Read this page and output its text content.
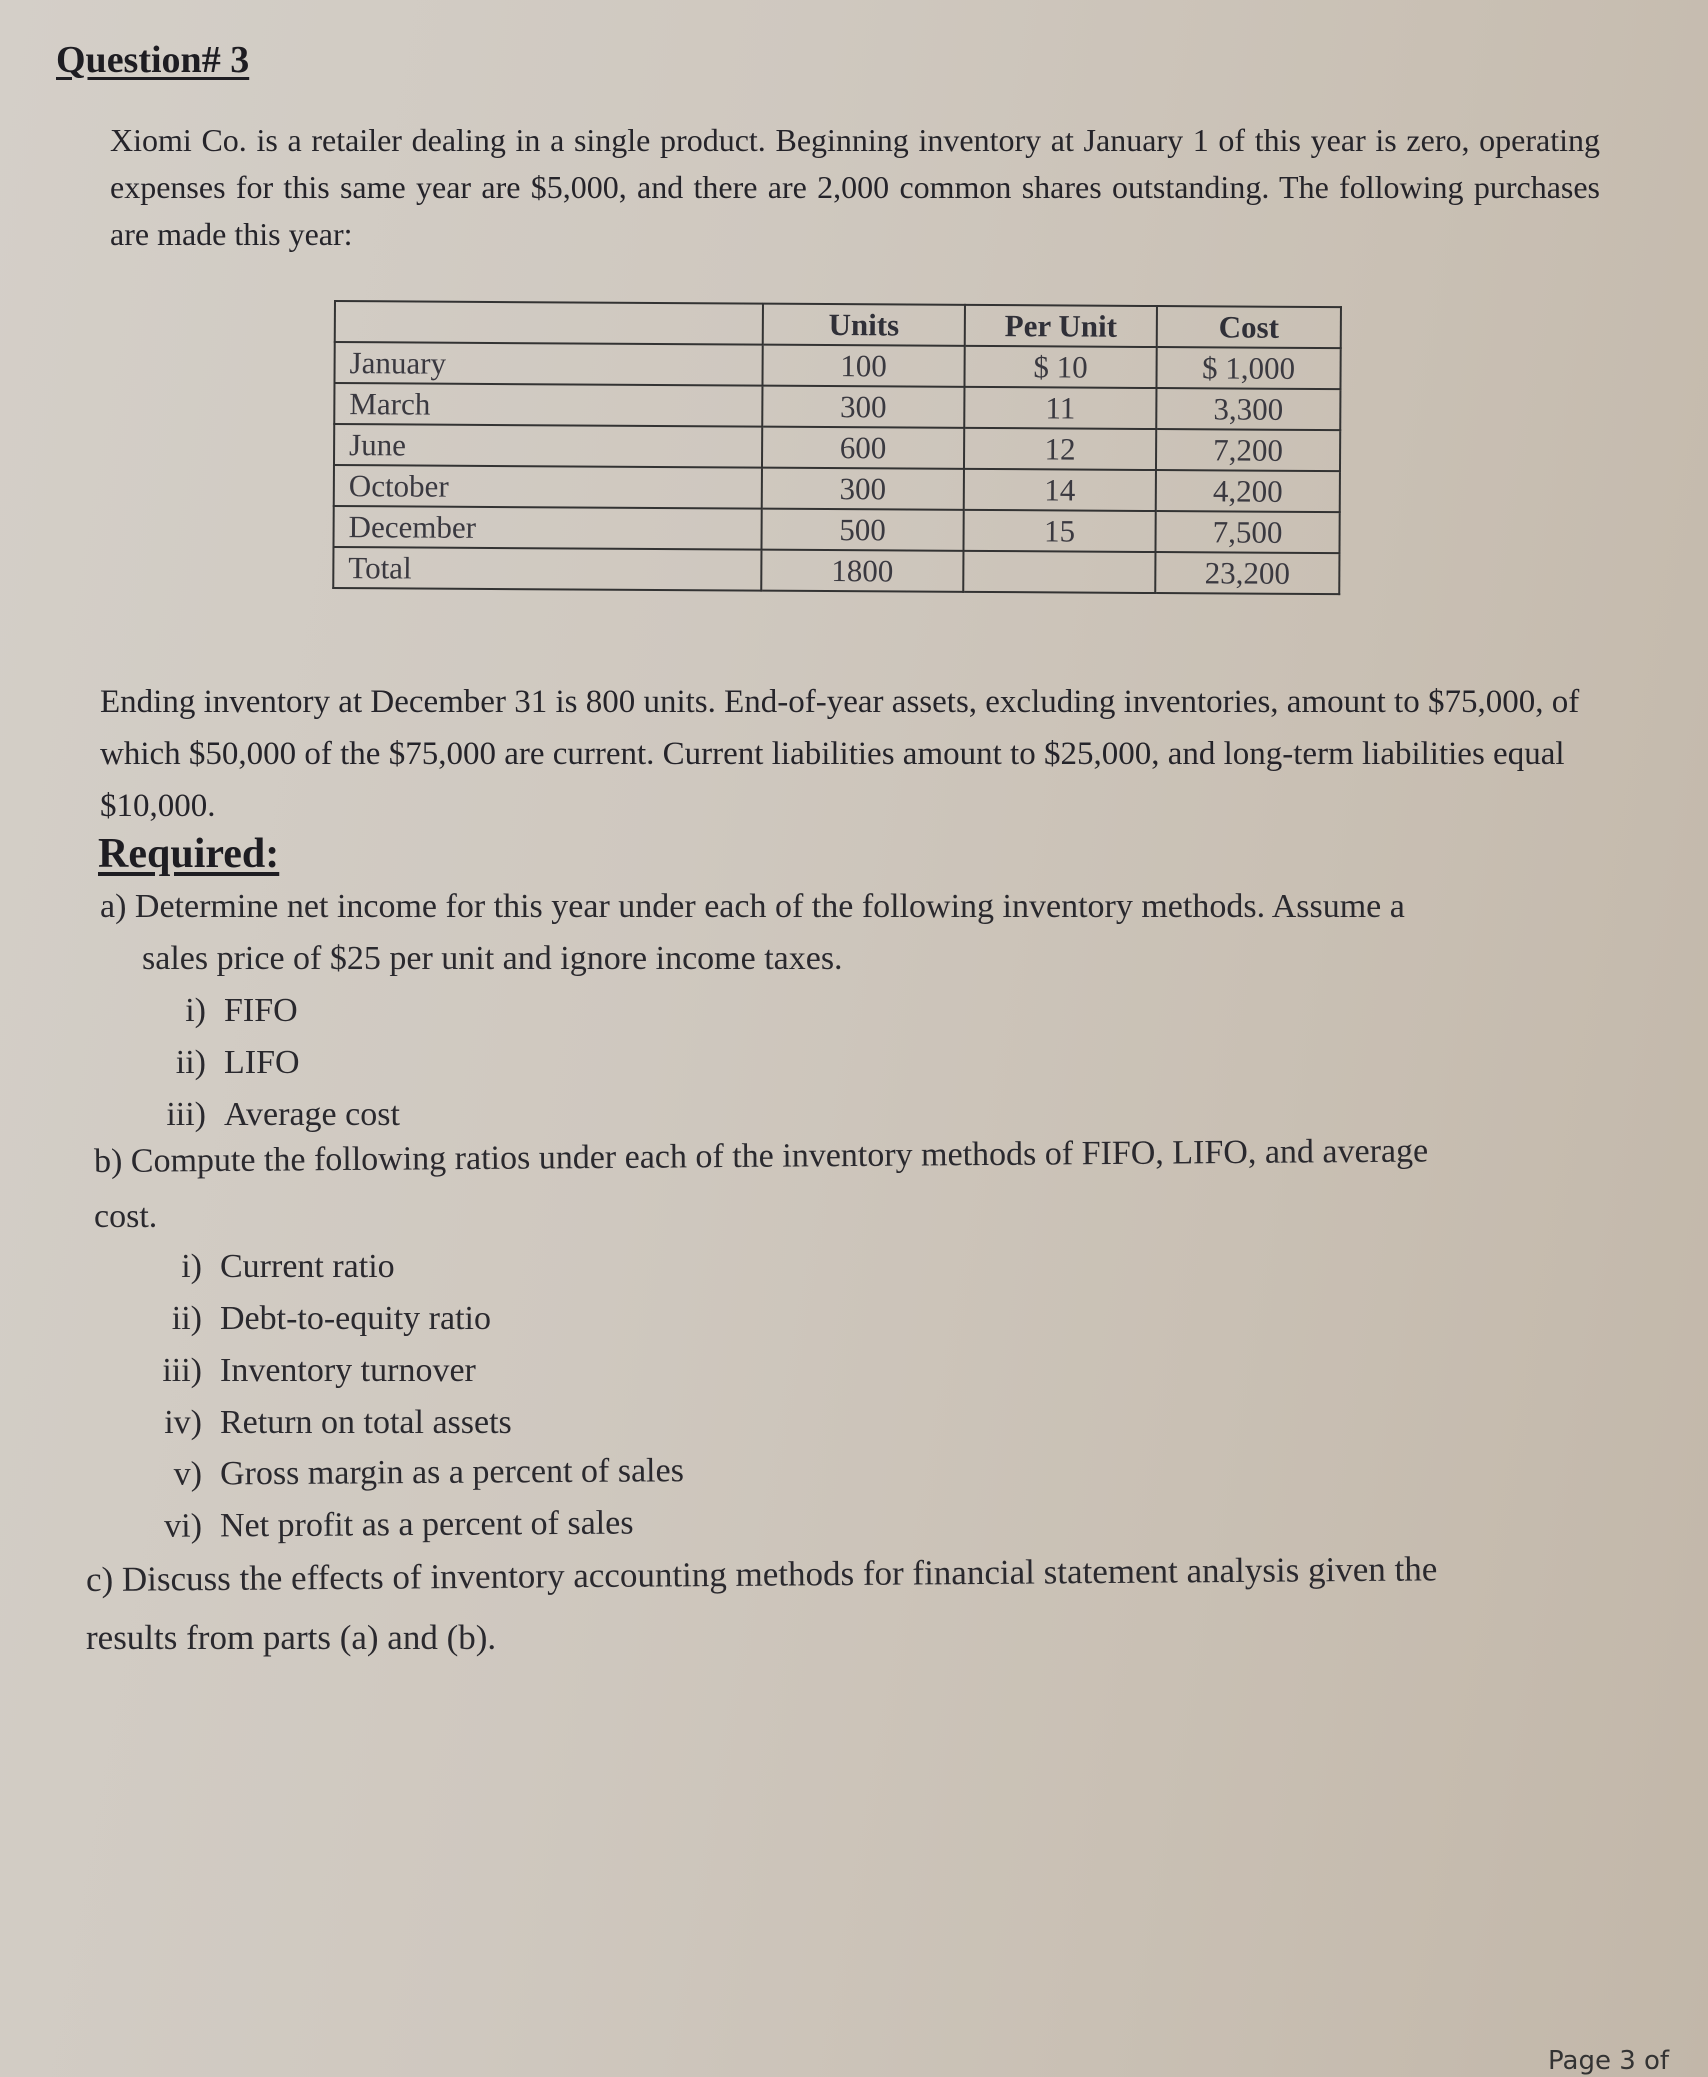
Question# 3
Xiomi Co. is a retailer dealing in a single product. Beginning inventory at January 1 of this year is zero, operating expenses for this same year are $5,000, and there are 2,000 common shares outstanding. The following purchases are made this year:
	Units	Per Unit	Cost
January	100	$ 10	$ 1,000
March	300	11	3,300
June	600	12	7,200
October	300	14	4,200
December	500	15	7,500
Total	1800		23,200
Ending inventory at December 31 is 800 units. End-of-year assets, excluding inventories, amount to $75,000, of which $50,000 of the $75,000 are current. Current liabilities amount to $25,000, and long-term liabilities equal $10,000.
Required:
a) Determine net income for this year under each of the following inventory methods. Assume a
sales price of $25 per unit and ignore income taxes.
i) FIFO
ii) LIFO
iii) Average cost
b) Compute the following ratios under each of the inventory methods of FIFO, LIFO, and average
cost.
i) Current ratio
ii) Debt-to-equity ratio
iii) Inventory turnover
iv) Return on total assets
v) Gross margin as a percent of sales
vi) Net profit as a percent of sales
c) Discuss the effects of inventory accounting methods for financial statement analysis given the
results from parts (a) and (b).
Page 3 of
